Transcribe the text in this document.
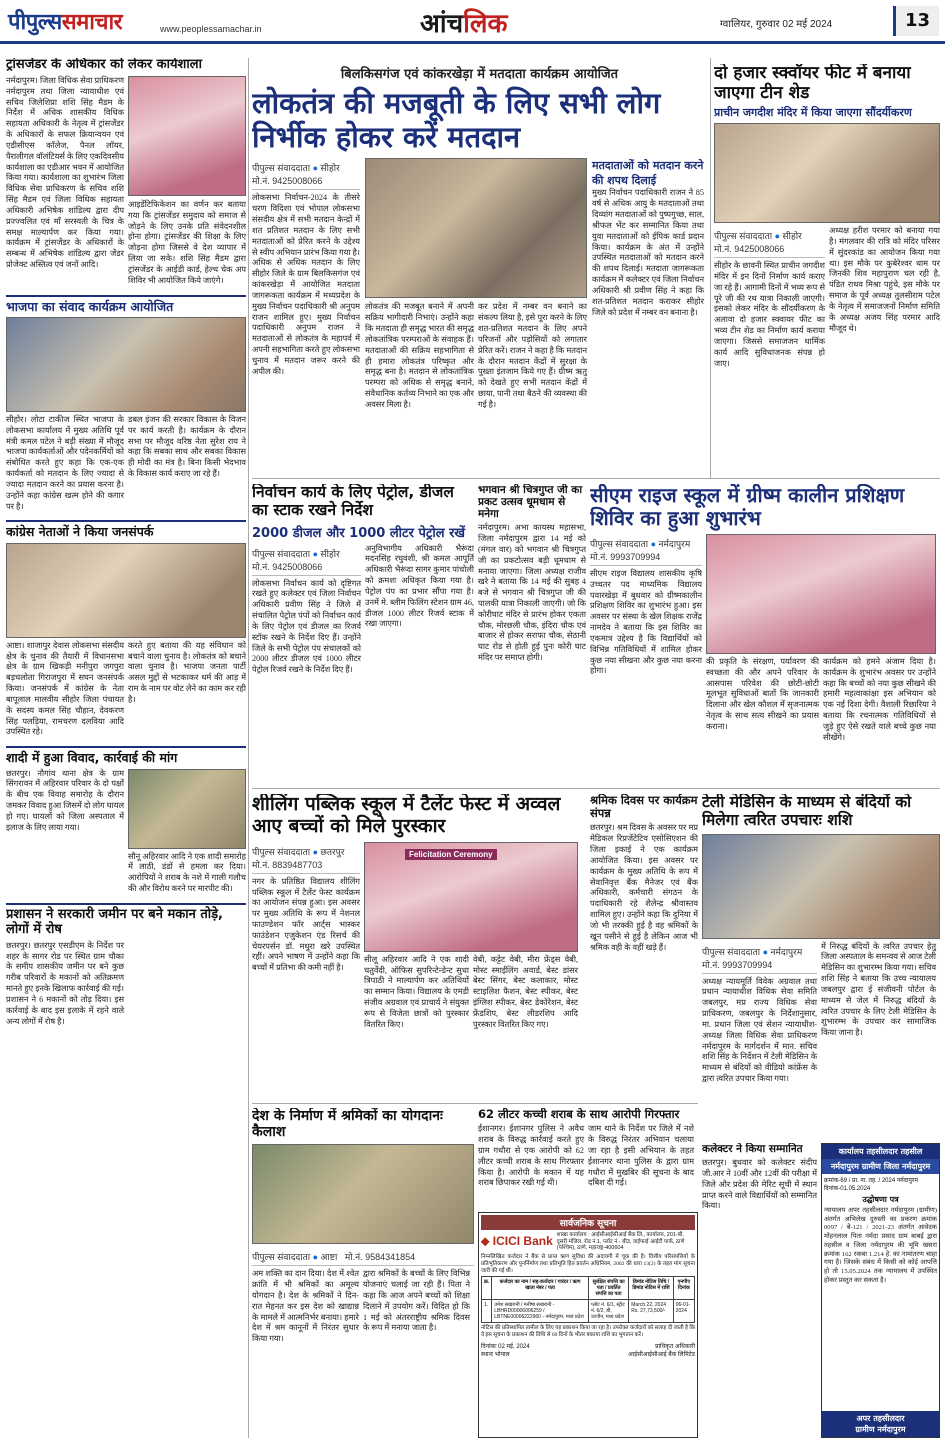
पीपुल्ससमाचार	www.peoplessamachar.in	आंचलिक	ग्वालियर, गुरुवार 02 मई 2024	13
ट्रांसजेंडर के अधिकार को लेकर कार्यशाला
नर्मदापुरम। जिला विधिक सेवा प्राधिकरण नर्मदापुरम तथा जिला न्यायाधीश एवं सचिव जिलेशिप्रा शशि सिंह मैडम के निर्देश में अधिक शासकीय विधिक सहायता अधिकारी के नेतृत्व में ट्रांसजेंडर के अधिकारों के सफल क्रियान्वयन एवं एडीसीएस कॉलेज, पैनल लॉयर, पैरालीगल वॉलंटियर्स के लिए एकदिवसीय कार्यशाला का एडीआर भवन में आयोजित किया गया। कार्यशाला का शुभारंभ जिला विधिक सेवा प्राधिकरण के सचिव शशि सिंह मैडम एवं जिला विधिक सहायता अधिकारी अभिषेक शांडिल्य द्वारा दीप प्रज्ज्वलित एवं माँ सरस्वती के चित्र के समक्ष माल्यार्पण कर किया गया। कार्यक्रम में ट्रांसजेंडर के अधिकारों के सम्बन्ध में अभिषेक शांडिल्य द्वारा जेंडर प्रोजेक्ट अस्तित्व एवं जनों आदि।
आइडेंटिफिकेशन का वर्णन कर बताया गया कि ट्रांसजेंडर समुदाय को समाज से जोड़ने के लिए उनके प्रति संवेदनशील होना होगा। ट्रांसजेंडर की शिक्षा के लिए जोड़ना होगा जिससे वे देश व्यापार में लिया जा सके। शशि सिंह मैडम द्वारा ट्रांसजेंडर के आईडी कार्ड, हेल्थ चेक अप शिविर भी आयोजित किये जाएंगे।
भाजपा का संवाद कार्यक्रम आयोजित
सीहोर। लोटा टाकीज स्थित भाजपा के लोकसभा कार्यालय में मुख्य अतिथि पूर्व मंत्री कमल पटेल ने बड़ी संख्या में मौजूद भाजपा कार्यकर्ताओं और पदेनकर्मियों को संबोधित करते हुए कहा कि एक-एक कार्यकर्ता को मतदान के लिए ज्यादा से ज्यादा मतदान करने का प्रयास करना है। उन्होंने कहा कांग्रेस खत्म होने की कगार पर है।
डबल इंजन की सरकार विकास के विजन पर कार्य करती है। कार्यक्रम के दौरान सभा पर मौजूद वरिष्ठ नेता सुरेश राय ने कहा कि सबका साथ और सबका विकास ही मोदी का मंत्र है। बिना किसी भेदभाव के विकास कार्य कराए जा रहे हैं।
कांग्रेस नेताओं ने किया जनसंपर्क
आष्टा। शाजापुर देवास लोकसभा संसदीय क्षेत्र के चुनाव की तैयारी में विधानसभा क्षेत्र के ग्राम खिकड़ी मनीपुरा जगपुरा बड़चलोता गिराजपुरा में सघन जनसंपर्क किया। जनसंपर्क में कांग्रेस के नेता बापूलाल मालवीय सीहोर जिला पंचायत के सदस्य कमल सिंह चौहान, देवकरण सिंह पलड़िया, रामचरण दलविया आदि उपस्थित रहे।
करते हुए बताया की यह संविधान को बचाने वाला चुनाव है। लोकतंत्र को बचाने वाला चुनाव है। भाजपा जनता पार्टी असल मुद्दों से भटकाकर धर्म की आड़ में राम के नाम पर वोट लेने का काम कर रही है।
शादी में हुआ विवाद, कार्रवाई की मांग
छतरपुर। नौगांव थाना क्षेत्र के ग्राम सिंगरावन में अहिरवार परिवार के दो पक्षों के बीच एक विवाह समारोह के दौरान जमकर विवाद हुआ जिसमें दो लोग घायल हो गए। घायलों को जिला अस्पताल में इलाज के लिए लाया गया।
सौनू अहिरवार आदि ने एक शादी समारोह में लाठी, डंडों से हमला कर दिया। आरोपियों ने शराब के नशे में गाली गलौच की और विरोध करने पर मारपीट की।
प्रशासन ने सरकारी जमीन पर बने मकान तोड़े, लोगों में रोष
छतरपुर। छतरपुर एसडीएम के निर्देश पर शहर के सागर रोड पर स्थित ग्राम चौका के समीप शासकीय जमीन पर बने कुछ गरीब परिवारों के मकानों को अतिक्रमण मानते हुए इनके खिलाफ कार्रवाई की गई। प्रशासन ने 6 मकानों को तोड़ दिया। इस कार्रवाई के बाद इस इलाके में रहने वाले अन्य लोगों में रोष है।
बिलकिसगंज एवं कांकरखेड़ा में मतदाता कार्यक्रम आयोजित
लोकतंत्र की मजबूती के लिए सभी लोग निर्भीक होकर करें मतदान
पीपुल्स संवाददाता ● सीहोर
मो.नं. 9425008066
लोकसभा निर्वाचन-2024 के तीसरे चरण विदिशा एवं भोपाल लोकसभा संसदीय क्षेत्र में सभी मतदान केन्द्रों में शत प्रतिशत मतदान के लिए सभी मतदाताओं को प्रेरित करने के उद्देश्य से स्वीप अभियान प्रारंभ किया गया है। अधिक से अधिक मतदान के लिए सीहोर जिले के ग्राम बिलकिसगंज एवं कांकरखेड़ा में आयोजित मतदाता जागरूकता कार्यक्रम में मध्यप्रदेश के मुख्य निर्वाचन पदाधिकारी श्री अनुपम राजन शामिल हुए। मुख्य निर्वाचन पदाधिकारी अनुपम राजन ने मतदाताओं से लोकतंत्र के महापर्व में अपनी सहभागिता करते हुए लोकसभा चुनाव में मतदान जरूर करने की अपील की।
लोकतंत्र की मजबूत बनाने में अपनी सक्रिय भागीदारी निभाएं। उन्होंने कहा कि मतदाता ही समृद्ध भारत की समृद्ध लोकतांत्रिक परम्पराओं के संवाहक हैं। मतदाताओं की सक्रिय सहभागिता से ही हमारा लोकतंत्र परिष्कृत और समृद्ध बना है। मतदान से लोकतांत्रिक परम्परा को अधिक से समृद्ध बनाने, संवैधानिक कर्तव्य निभाने का एक और अवसर मिला है।
कर प्रदेश में नम्बर वन बनाने का संकल्प लिया है, इसे पूरा करने के लिए शत-प्रतिशत मतदान के लिए अपने परिजनों और पड़ोसियों को लगातार प्रेरित करें। राजन ने कहा है कि मतदान के दौरान मतदान केंद्रों में सुरक्षा के पुख्ता इंतजाम किये गए हैं। ग्रीष्म ऋतु को देखते हुए सभी मतदान केंद्रों में छाया, पानी तथा बैठने की व्यवस्था की गई है।
मतदाताओं को मतदान करने की शपथ दिलाई
मुख्य निर्वाचन पदाधिकारी राजन ने 85 वर्ष से अधिक आयु के मतदाताओं तथा दिव्यांग मतदाताओं को पुष्पगुच्छ, साल, श्रीफल भेंट कर सम्मानित किया तथा युवा मतदाताओं को ईपिक कार्ड प्रदान किया। कार्यक्रम के अंत में उन्होंने उपस्थित मतदाताओं को मतदान करने की शपथ दिलाई। मतदाता जागरूकता कार्यक्रम में कलेक्टर एवं जिला निर्वाचन अधिकारी श्री प्रवीण सिंह ने कहा कि शत-प्रतिशत मतदान कराकर सीहोर जिले को प्रदेश में नम्बर वन बनाना है।
दो हजार स्क्वॉयर फीट में बनाया जाएगा टीन शेड
प्राचीन जगदीश मंदिर में किया जाएगा सौंदर्यीकरण
पीपुल्स संवाददाता ● सीहोर
मो.नं. 9425008066
सीहोर के छावनी स्थित प्राचीन जगदीश मंदिर में इन दिनों निर्माण कार्य कराए जा रहे हैं। आगामी दिनों में भव्य रूप से पूरे जी की रथ यात्रा निकाली जाएगी। इसको लेकर मंदिर के सौंदर्यीकरण के अलावा दो हजार स्क्वायर फीट का भव्य टीन शेड का निर्माण कार्य कराया जाएगा। जिससे समाजजन धार्मिक कार्य आदि सुविधाजनक संपन्न हो जाए।
अध्यक्ष हरीश परमार को बनाया गया है। मंगलवार की रात्रि को मंदिर परिसर में सुंदरकांड का आयोजन किया गया था। इस मौके पर कुबेरेश्वर धाम पर जिनकी शिव महापुराण चल रही है, पंडित राधव मिश्रा पहुंचे, इस मौके पर समाज के पूर्व अध्यक्ष तुलसीराम पटेल के नेतृत्व में समाजजनों निर्माण समिति के अध्यक्ष अजय सिंह परमार आदि मौजूद थे।
निर्वाचन कार्य के लिए पेट्रोल, डीजल का स्टाक रखने निर्देश
2000 डीजल और 1000 लीटर पेट्रोल रखें
पीपुल्स संवाददाता ● सीहोर
मो.नं. 9425008066
लोकसभा निर्वाचन कार्य को दृष्टिगत रखते हुए कलेक्टर एवं जिला निर्वाचन अधिकारी प्रवीण सिंह ने जिले में संचालित पेट्रोल पंपों को निर्वाचन कार्य के लिए पेट्रोल एवं डीजल का रिजर्व स्टॉक रखने के निर्देश दिए हैं। उन्होंने जिले के सभी पेट्रोल पंप संचालकों को 2000 लीटर डीजल एवं 1000 लीटर पेट्रोल रिजर्व रखने के निर्देश दिए हैं।
अनुविभागीय अधिकारी भैरूंदा मदनसिंह रघुवंशी, श्री कमल आपूर्ति अधिकारी भैरूंदा सागर कुमार पांचोली को क्रमशः अधिकृत किया गया है। पेट्रोल पंप का प्रभार सौंपा गया है। उनमें मे. ब्लीम फिलिंग स्टेशन ग्राम 46, डीजल 1000 लीटर रिजर्व स्टाक में रखा जाएगा।
भगवान श्री चित्रगुप्त जी का प्रकट उत्सव धूमधाम से मनेगा
नर्मदापुरम। अभा कायस्थ महासभा, जिला नर्मदापुरम द्वारा 14 मई को (मंगल वार) को भगवान श्री चित्रगुप्त जी का प्रकटोत्सव बड़ी धूमधाम से मनाया जाएगा। जिला अध्यक्ष राजीव खरे ने बताया कि 14 मई की सुबह 4 बजे से भगवान श्री चित्रगुप्त जी की पालकी यात्रा निकाली जाएगी। जो कि कोरीघाट मंदिर से प्रारंभ होकर एकता चौक, मोरछली चौक, इंदिरा चौक एवं बाजार से होकर सराफा चौक, सेठानी घाट रोड से होती हुई पुनः कोरी घाट मंदिर पर समाप्त होगी।
सीएम राइज स्कूल में ग्रीष्म कालीन प्रशिक्षण शिविर का हुआ शुभारंभ
पीपुल्स संवाददाता ● नर्मदापुरम
मो.नं. 9993709994
सीएम राइज विद्यालय शासकीय कृषि उच्चतर पद माध्यमिक विद्यालय पवारखेड़ा में बुधवार को ग्रीष्मकालीन प्रशिक्षण शिविर का शुभारंभ हुआ। इस अवसर पर संस्था के खेल शिक्षक राजेंद्र नामदेव ने बताया कि इस शिविर का एकमात्र उद्देश्य है कि विद्यार्थियों को विभिन्न गतिविधियों में शामिल होकर कुछ नया सीखना और कुछ नया करना होगा।
की प्रकृति के संरक्षण, पर्यावरण की स्वच्छता की और अपने परिवार के आसपास परिवेश की छोटी-छोटी मूलभूत सुविधाओं बातों कि जानकारी दिलाना और खेल कौशल में सृजनात्मक नेतृत्व के साथ सत्य सीखने का प्रयास कराना।
कार्यक्रम को हमने अंजाम दिया है। कार्यक्रम के शुभारंभ अवसर पर उन्होंने कहा कि बच्चों को नया कुछ सीखने की हमारी महत्वाकांक्षा इस अभियान को एक नई दिशा देगी। वैशाली रिछारिया ने बताया कि रचनात्मक गतिविधियों से जुड़े हुए ऐसे रखते वाले बच्चे कुछ नया सीखेंगे।
शीलिंग पब्लिक स्कूल में टैलेंट फेस्ट में अव्वल आए बच्चों को मिले पुरस्कार
पीपुल्स संवाददाता ● छतरपुर
मो.नं. 8839487703
नगर के प्रतिष्ठित विद्यालय शीलिंग पब्लिक स्कूल में टैलेंट फेस्ट कार्यक्रम का आयोजन संपन्न हुआ। इस अवसर पर मुख्य अतिथि के रूप में नेशनल फाउण्डेशन फॉर आर्ट्स भास्कर फाउंडेशन एजुकेशन एंड रिसर्च की चेयरपर्सन डॉ. मधुरा खरे उपस्थित रहीं। अपने भाषण में उन्होंने कहा कि बच्चों में प्रतिभा की कमी नहीं है।
Felicitation Ceremony
सीलू अहिरवार आदि ने एक शादी चतुर्वेदी, ऑफिस सुपरिन्टेन्डेन्ट सुधा त्रिपाठी ने माल्यार्पण कर अतिथियों का सम्मान किया। विद्यालय के एमडी संजीव अग्रवाल एवं प्राचार्य ने संयुक्त रूप से विजेता छात्रों को पुरस्कार वितरित किए।
वेबी, कट्टेट वेबी, मीरा फ्रेंड्स वेबी, मोस्ट स्माईलिंग अवार्ड, बेस्ट डांसर बेस्ट सिंगर, बेस्ट कलाकार, मोस्ट स्टाइलिश फैशन, बेस्ट स्पीकर, बेस्ट इंग्लिश स्पीकर, बेस्ट डेकोरेशन, बेस्ट फ्रेंडशिप, बेस्ट लीडरशिप आदि पुरस्कार वितरित किए गए।
श्रमिक दिवस पर कार्यक्रम संपन्न
छतरपुर। श्रम दिवस के अवसर पर मप्र मेडिकल रिप्रजेंटेटिव एसोसिएशन की जिला इकाई ने एक कार्यक्रम आयोजित किया। इस अवसर पर कार्यक्रम के मुख्य अतिथि के रूप में सेवानिवृत्त बैंक मैनेजर एवं बैंक अधिकारी, कर्मचारी संगठन के पदाधिकारी रहे शैलेन्द्र श्रीवास्तव शामिल हुए। उन्होंने कहा कि दुनिया में जो भी तरक्की हुई है वह श्रमिकों के खून पसीने से हुई है लेकिन आज भी श्रमिक वही के वहीं खड़े हैं।
टेली मेडिसिन के माध्यम से बंदियों को मिलेगा त्वरित उपचारः शशि
पीपुल्स संवाददाता ● नर्मदापुरम
मो.नं. 9993709994
अध्यक्ष न्यायमूर्ति विवेक अग्रवाल तथा प्रधान न्यायाधीश विधिक सेवा समिति जबलपुर, मप्र राज्य विधिक सेवा प्राधिकरण, जबलपुर के निर्देशानुसार, मा. प्रधान जिला एवं सेशन न्यायाधीश-अध्यक्ष जिला विधिक सेवा प्राधिकरण नर्मदापुरम के मार्गदर्शन में मान. सचिव शशि सिंह के निर्देशन में टेली मेडिसिन के माध्यम से बंदियों को वीडियो कांफ्रेंस के द्वारा त्वरित उपचार किया गया।
में निरुद्ध बंदियों के त्वरित उपचार हेतु जिला अस्पताल के समन्वय से आज टेली मेडिसिन का शुभारम्भ किया गया। सचिव शशि सिंह ने बताया कि उच्च न्यायालय जबलपुर द्वारा ई संजीवनी पोर्टल के माध्यम से जेल में निरुद्ध बंदियों के त्वरित उपचार के लिए टेली मेडिसिन के शुभारम्भ के उपचार कर सामाजिक किया जाना है।
देश के निर्माण में श्रमिकों का योगदानः कैलाश
पीपुल्स संवाददाता ● आष्टा मो.नं. 9584341854
अम शक्ति का दान दिया। देश में श्वेत क्रांति में भी श्रमिकों का अमूल्य योगदान है। देश के श्रमिकों ने दिन-रात मेहनत कर इस देश को खाद्यान्न के मामले में आत्मनिर्भर बनाया। हमारे देश में श्रम कानूनों में निरंतर सुधार किया गया।
द्वारा श्रमिकों के बच्चों के लिए विभिन्न योजनाएं चलाई जा रही हैं। पिता ने कहा कि आज अपने बच्चों को शिक्षा दिलाने में उपयोग करें। विदित हो कि 1 मई को अंतरराष्ट्रीय श्रमिक दिवस के रूप में मनाया जाता है।
62 लीटर कच्ची शराब के साथ आरोपी गिरफ्तार
ईशानगर। ईशानगर पुलिस ने अवैध शराब के विरुद्ध कार्रवाई करते हुए ग्राम गधौरा से एक आरोपी को 62 लीटर कच्ची शराब के साथ गिरफ्तार किया है। आरोपी के मकान में यह शराब छिपाकर रखी गई थी।
जाम थाने के निर्देश पर जिले में नशे के विरुद्ध निरंतर अभियान चलाया जा रहा है इसी अभियान के तहत ईशानगर थाना पुलिस के द्वारा ग्राम गधौरा में मुखबिर की सूचना के बाद दबिश दी गई।
सार्वजनिक सूचना
⬥ ICICI Bank शाखा कार्यालय : आईसीआईसीआई बैंक लि., कार्यालय, 201-बी, दूसरी मंजिल, रोड नं.1, प्लॉट नं.- बी3, वाईफाई आईटी पार्क, ठाणे (पश्चिम), ठाणे, महाराष्ट्र-400604
निम्नलिखित कर्जदार ने बैंक से प्राप्त ऋण सुविधा की अदायगी में चूक की है। वित्तीय परिसंपत्तियों के प्रतिभूतिकरण और पुनर्निर्माण तथा प्रतिभूति हित प्रवर्तन अधिनियम, 2002 की धारा 13(2) के तहत मांग सूचना जारी की गई थी।
क्र.	कर्जदार का नाम / सह-कर्जदार / गारंटर / ऋण खाता नंबर / पता	सुरक्षित संपत्ति का पता / प्रवर्तित संपत्ति का पता	डिमांड नोटिस तिथि / डिमांड नोटिस में राशि	एनपीए दिनांक
1.	उमेश सखरानी / मनीषा सखरानी - LBHRD00006006259 / LBTNE00006222960 - नर्मदापुरम, मध्य प्रदेश	प्लॉट नं. 6/1, स्ट्रीट नं. 6/2, बी, उज्जैन, मध्य प्रदेश	March 22, 2024 Rs. 27,73,500/-	06-01-2024
नोटिस की प्रतिस्थापित तामील के लिए यह प्रकाशन किया जा रहा है। उपरोक्त कर्जदारों को सलाह दी जाती है कि वे इस सूचना के प्रकाशन की तिथि से 60 दिनों के भीतर बकाया राशि का भुगतान करें।
दिनांकः 02 मई, 2024
स्थानः भोपाल
प्राधिकृत अधिकारी
आईसीआईसीआई बैंक लिमिटेड
कलेक्टर ने किया सम्मानित
छतरपुर। बुधवार को कलेक्टर संदीप जी.आर ने 10वीं और 12वीं की परीक्षा में जिले और प्रदेश की मेरिट सूची में स्थान प्राप्त करने वाले विद्यार्थियों को सम्मानित किया।
कार्यालय तहसीलदार तहसील
नर्मदापुरम ग्रामीण जिला नर्मदापुरम
क्रमांक-69 / प्रा. ना. तह. / 2024 नर्मदापुरम दिनांक-01.05.2024
उद्घोषणा पत्र
न्यायालय अपर तहसीलदार नर्मदापुरम (ग्रामीण) अंतर्गत अभिलेख दुरुस्ती का प्रकरण क्रमांक 0097 / बे-121 / 2021-23 अंतर्गत आवेदक मोहनलाल पिता नर्मदा प्रसाद ग्राम बाबई द्वारा तहसील व जिला नर्मदापुरम की भूमि खसरा क्रमांक 162 रकबा 1.214 हे. का नामांतरण चाहा गया है। जिसके संबंध में किसी को कोई आपत्ति हो तो 15.05.2024 तक न्यायालय में उपस्थित होकर प्रस्तुत कर सकता है।
अपर तहसीलदार
ग्रामीण नर्मदापुरम
